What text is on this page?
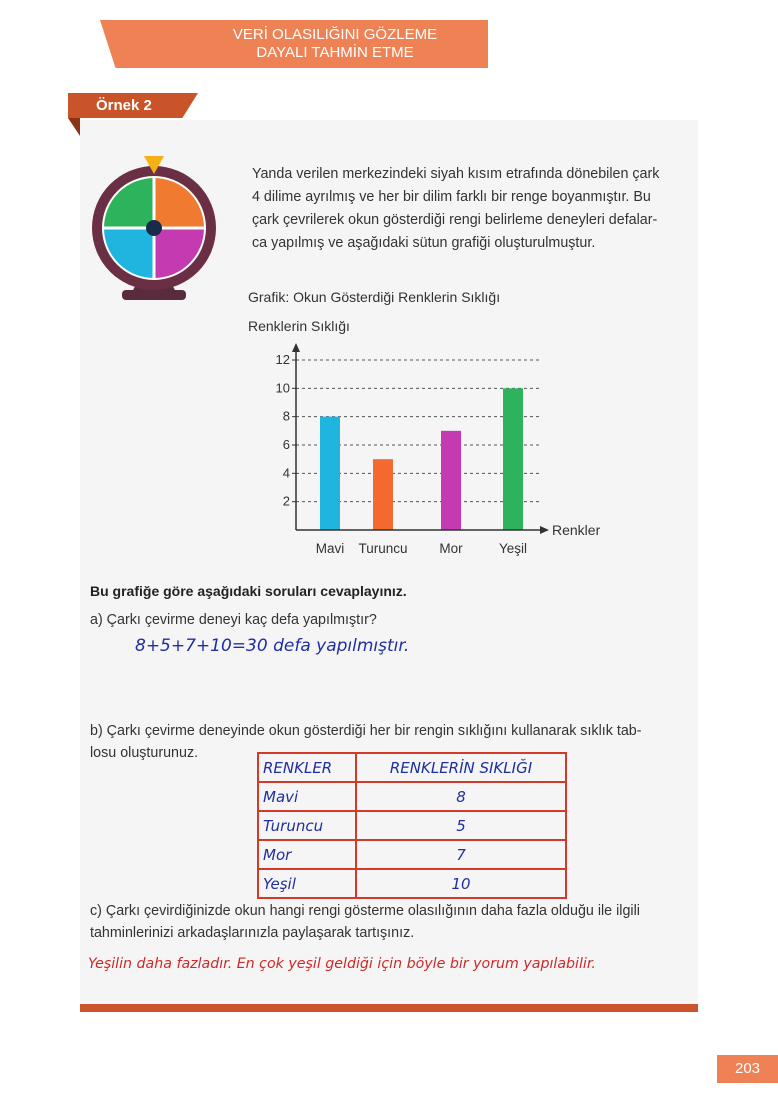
VERİ OLASILIĞINI GÖZLEME
DAYALI TAHMİN ETME
Örnek 2
Yanda verilen merkezindeki siyah kısım etrafında dönebilen çark
4 dilime ayrılmış ve her bir dilim farklı bir renge boyanmıştır. Bu
çark çevrilerek okun gösterdiği rengi belirleme deneyleri defalar-
ca yapılmış ve aşağıdaki sütun grafiği oluşturulmuştur.
Grafik: Okun Gösterdiği Renklerin Sıklığı
Renklerin Sıklığı
2
4
6
8
10
12
Mavi Turuncu Mor	Yeşil
Renkler
Bu grafiğe göre aşağıdaki soruları cevaplayınız.
a) Çarkı çevirme deneyi kaç defa yapılmıştır?
8+5+7+10=30 defa yapılmıştır.
b) Çarkı çevirme deneyinde okun gösterdiği her bir rengin sıklığını kullanarak sıklık tab-
losu oluşturunuz.
RENKLER	RENKLERİN SIKLIĞI
Mavi	8
Turuncu	5
Mor	7
Yeşil	10
c) Çarkı çevirdiğinizde okun hangi rengi gösterme olasılığının daha fazla olduğu ile ilgili
tahminlerinizi arkadaşlarınızla paylaşarak tartışınız.
Yeşilin daha fazladır. En çok yeşil geldiği için böyle bir yorum yapılabilir.
203
